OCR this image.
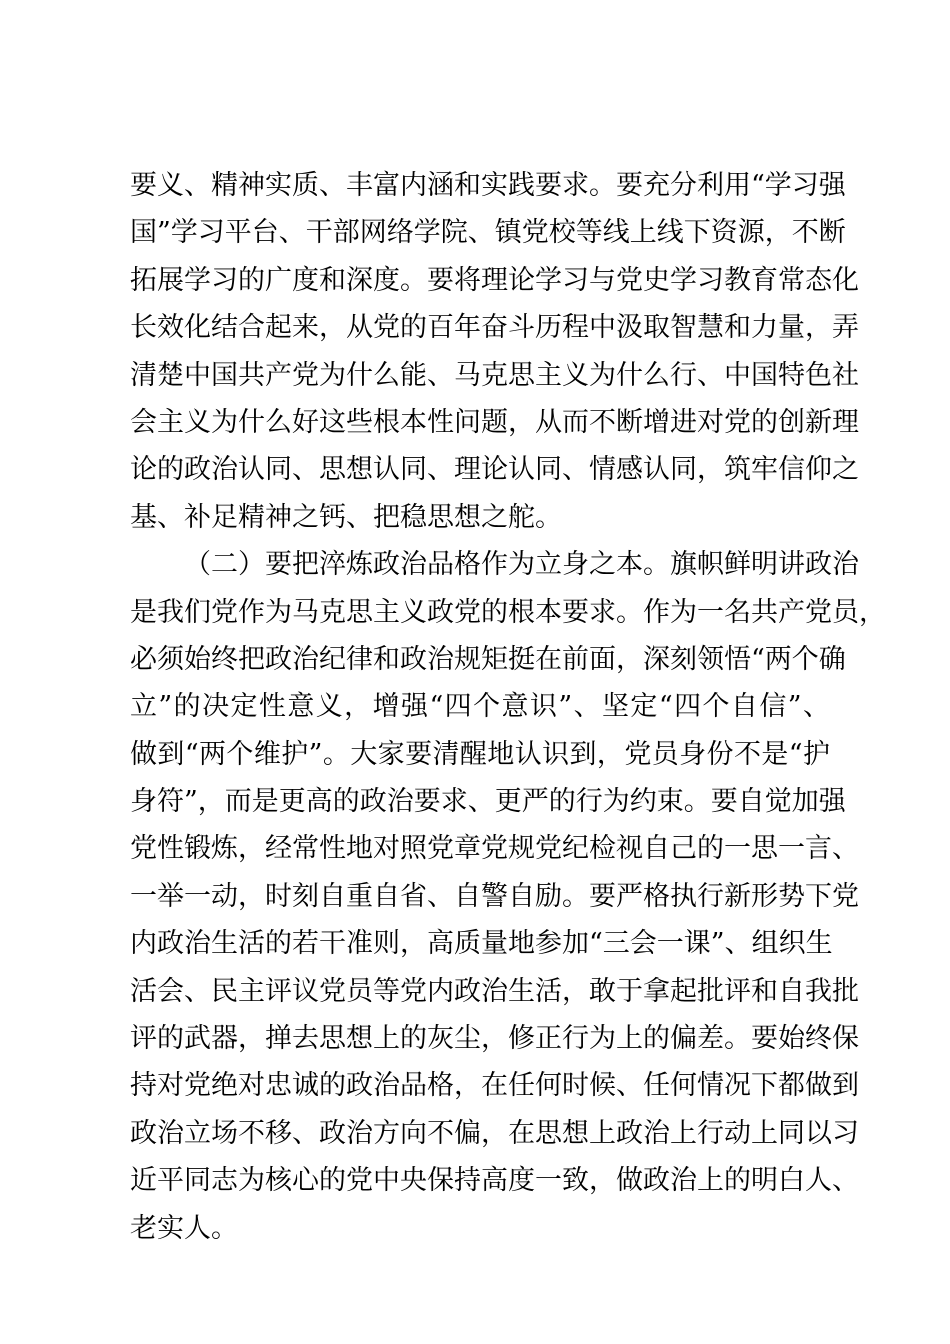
要义、精神实质、丰富内涵和实践要求。要充分利用“学习强
国”学习平台、干部网络学院、镇党校等线上线下资源，不断
拓展学习的广度和深度。要将理论学习与党史学习教育常态化
长效化结合起来，从党的百年奋斗历程中汲取智慧和力量，弄
清楚中国共产党为什么能、马克思主义为什么行、中国特色社
会主义为什么好这些根本性问题，从而不断增进对党的创新理
论的政治认同、思想认同、理论认同、情感认同，筑牢信仰之
基、补足精神之钙、把稳思想之舵。
（二）要把淬炼政治品格作为立身之本。旗帜鲜明讲政治
是我们党作为马克思主义政党的根本要求。作为一名共产党员，
必须始终把政治纪律和政治规矩挺在前面，深刻领悟“两个确
立”的决定性意义，增强“四个意识”、坚定“四个自信”、
做到“两个维护”。大家要清醒地认识到，党员身份不是“护
身符”，而是更高的政治要求、更严的行为约束。要自觉加强
党性锻炼，经常性地对照党章党规党纪检视自己的一思一言、
一举一动，时刻自重自省、自警自励。要严格执行新形势下党
内政治生活的若干准则，高质量地参加“三会一课”、组织生
活会、民主评议党员等党内政治生活，敢于拿起批评和自我批
评的武器，掸去思想上的灰尘，修正行为上的偏差。要始终保
持对党绝对忠诚的政治品格，在任何时候、任何情况下都做到
政治立场不移、政治方向不偏，在思想上政治上行动上同以习
近平同志为核心的党中央保持高度一致，做政治上的明白人、
老实人。
